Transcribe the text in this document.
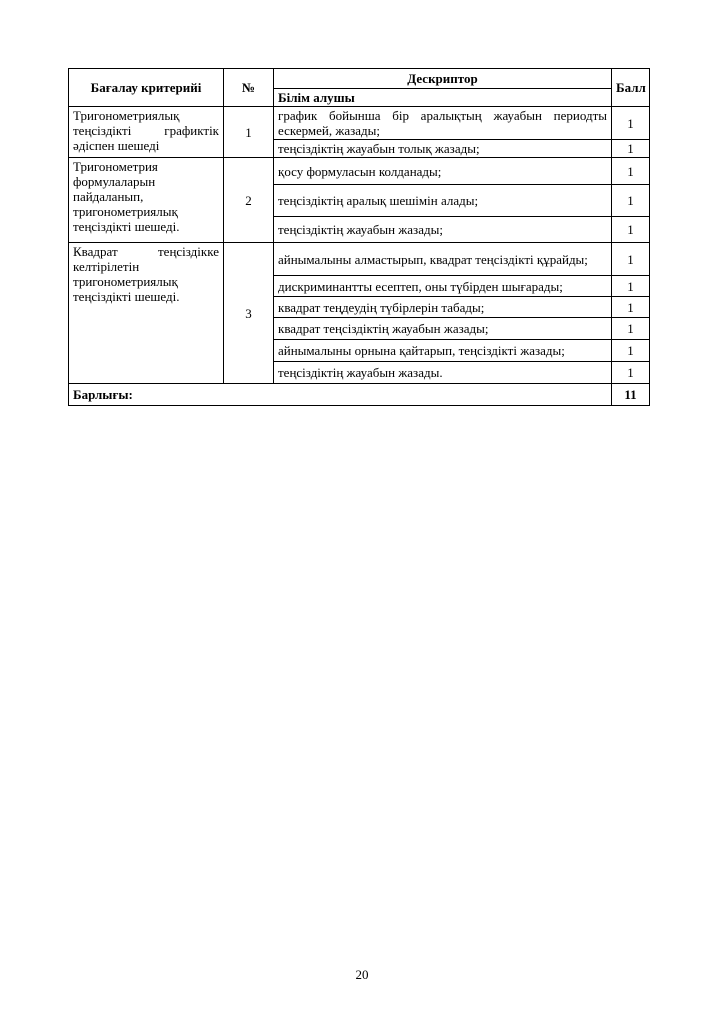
Бағалау критерийі	№	Дескриптор	Балл
		Білім алушы	
Тригонометриялық теңсіздікті графиктік әдіспен шешеді	1	график бойынша бір аралықтың жауабын периодты ескермей, жазады;	1
		теңсіздіктің жауабын толық жазады;	1
Тригонометрия формулаларын пайдаланып, тригонометриялық теңсіздікті шешеді.	2	қосу формуласын колданады;	1
		теңсіздіктің аралық шешімін алады;	1
		теңсіздіктің жауабын жазады;	1
Квадрат теңсіздікке келтірілетін тригонометриялық теңсіздікті шешеді.	3	айнымалыны алмастырып, квадрат теңсіздікті құрайды;	1
		дискриминантты есептеп, оны түбірден шығарады;	1
		квадрат теңдеудің түбірлерін табады;	1
		квадрат теңсіздіктің жауабын жазады;	1
		айнымалыны орнына қайтарып, теңсіздікті жазады;	1
		теңсіздіктің жауабын жазады.	1
Барлығы:			11
20
